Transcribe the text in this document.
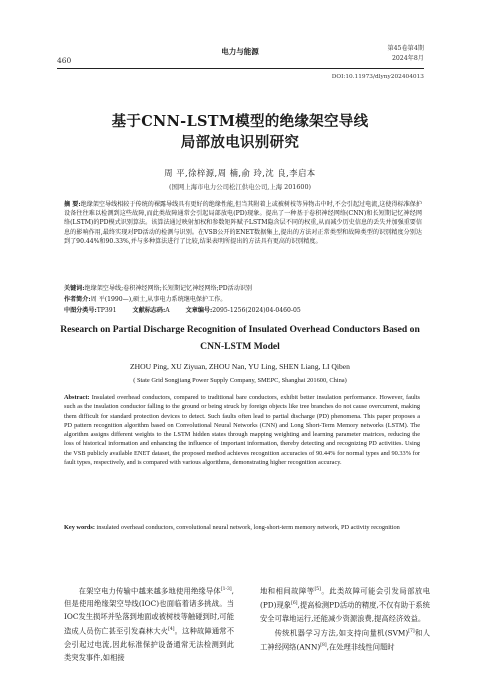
460
电力与能源	第45卷第4期
2024年8月
DOI:10.11973/dlyny202404013
基于CNN-LSTM模型的绝缘架空导线
局部放电识别研究
周 平,徐梓源,周 楠,俞 玲,沈 良,李启本
(国网上海市电力公司松江供电公司,上海 201600)

摘 要:绝缘架空导线相较于传统的裸露导线具有更好的绝缘性能,但当其附着上或被树枝等异物击中时,不会引起过电流,这使得标准保护设备往往难以检测到这些故障,而此类故障通常会引起局部放电(PD)现象。提出了一种基于卷积神经网络(CNN)和长短期记忆神经网络(LSTM)的PD模式识别算法。该算法通过映射加权和参数矩阵赋予LSTM隐含层不同的权重,从而减少历史信息的丢失并加强重要信息的影响作用,最终实现对PD活动的检测与识别。在VSB公开的ENET数据集上,提出的方法对正常类型和故障类型的识别精度分别达到了90.44%和90.33%,并与多种算法进行了比较,结果表明所提出的方法具有更高的识别精度。

关键词:绝缘架空导线;卷积神经网络;长短期记忆神经网络;PD活动识别
作者简介:周 平(1990—),硕士,从事电力系统继电保护工作。
中图分类号:TP391	文献标志码:A	文章编号:2095-1256(2024)04-0460-05
Research on Partial Discharge Recognition of Insulated Overhead Conductors Based on CNN-LSTM Model
ZHOU Ping, XU Ziyuan, ZHOU Nan, YU Ling, SHEN Liang, LI Qiben
( State Grid Songjiang Power Supply Company, SMEPC, Shanghai 201600, China)

Abstract: Insulated overhead conductors, compared to traditional bare conductors, exhibit better insulation performance. However, faults such as the insulation conductor falling to the ground or being struck by foreign objects like tree branches do not cause overcurrent, making them difficult for standard protection devices to detect. Such faults often lead to partial discharge (PD) phenomena. This paper proposes a PD pattern recognition algorithm based on Convolutional Neural Networks (CNN) and Long Short-Term Memory networks (LSTM). The algorithm assigns different weights to the LSTM hidden states through mapping weighting and learning parameter matrices, reducing the loss of historical information and enhancing the influence of important information, thereby detecting and recognizing PD activities. Using the VSB publicly available ENET dataset, the proposed method achieves recognition accuracies of 90.44% for normal types and 90.33% for fault types, respectively, and is compared with various algorithms, demonstrating higher recognition accuracy.

Key words: insulated overhead conductors, convolutional neural network, long-short-term memory network, PD activity recognition

在架空电力传输中越来越多地使用绝缘导体[1-3],但是使用绝缘架空导线(IOC)也面临着诸多挑战。当IOC发生损坏并坠落到地面或被树枝等触碰到时,可能造成人员伤亡甚至引发森林大火[4]。这种故障通常不会引起过电流,因此标准保护设备通常无法检测到此类突发事件,如相接

地和相间故障等[5]。此类故障可能会引发局部放电(PD)现象[6],提高检测PD活动的精度,不仅有助于系统安全可靠地运行,还能减少资源浪费,提高经济效益。

传统机器学习方法,如支持向量机(SVM)[7]和人工神经网络(ANN)[8],在处理非线性问题时
